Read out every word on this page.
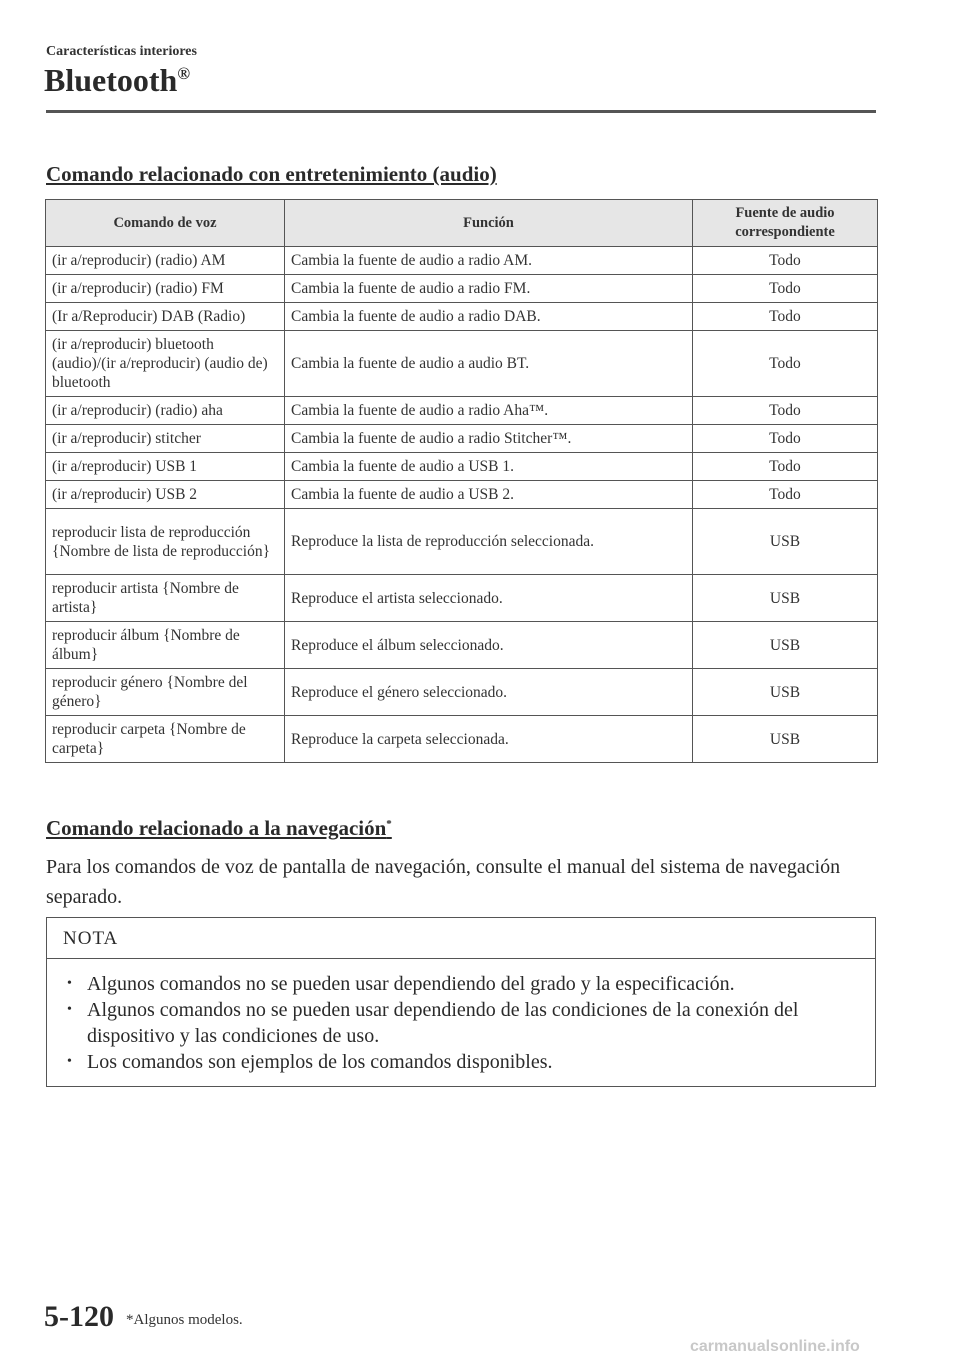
Características interiores
Bluetooth®
Comando relacionado con entretenimiento (audio)
Comando de voz	Función	Fuente de audio correspondiente
(ir a/reproducir) (radio) AM	Cambia la fuente de audio a radio AM.	Todo
(ir a/reproducir) (radio) FM	Cambia la fuente de audio a radio FM.	Todo
(Ir a/Reproducir) DAB (Radio)	Cambia la fuente de audio a radio DAB.	Todo
(ir a/reproducir) bluetooth (audio)/(ir a/reproducir) (audio de) bluetooth	Cambia la fuente de audio a audio BT.	Todo
(ir a/reproducir) (radio) aha	Cambia la fuente de audio a radio Aha™.	Todo
(ir a/reproducir) stitcher	Cambia la fuente de audio a radio Stitcher™.	Todo
(ir a/reproducir) USB 1	Cambia la fuente de audio a USB 1.	Todo
(ir a/reproducir) USB 2	Cambia la fuente de audio a USB 2.	Todo
reproducir lista de reproducción {Nombre de lista de reproducción}	Reproduce la lista de reproducción seleccionada.	USB
reproducir artista {Nombre de artista}	Reproduce el artista seleccionado.	USB
reproducir álbum {Nombre de álbum}	Reproduce el álbum seleccionado.	USB
reproducir género {Nombre del género}	Reproduce el género seleccionado.	USB
reproducir carpeta {Nombre de carpeta}	Reproduce la carpeta seleccionada.	USB
Comando relacionado a la navegación*
Para los comandos de voz de pantalla de navegación, consulte el manual del sistema de navegación separado.
NOTA
• Algunos comandos no se pueden usar dependiendo del grado y la especificación.
• Algunos comandos no se pueden usar dependiendo de las condiciones de la conexión del dispositivo y las condiciones de uso.
• Los comandos son ejemplos de los comandos disponibles.
5-120 *Algunos modelos.
carmanualsonline.info
